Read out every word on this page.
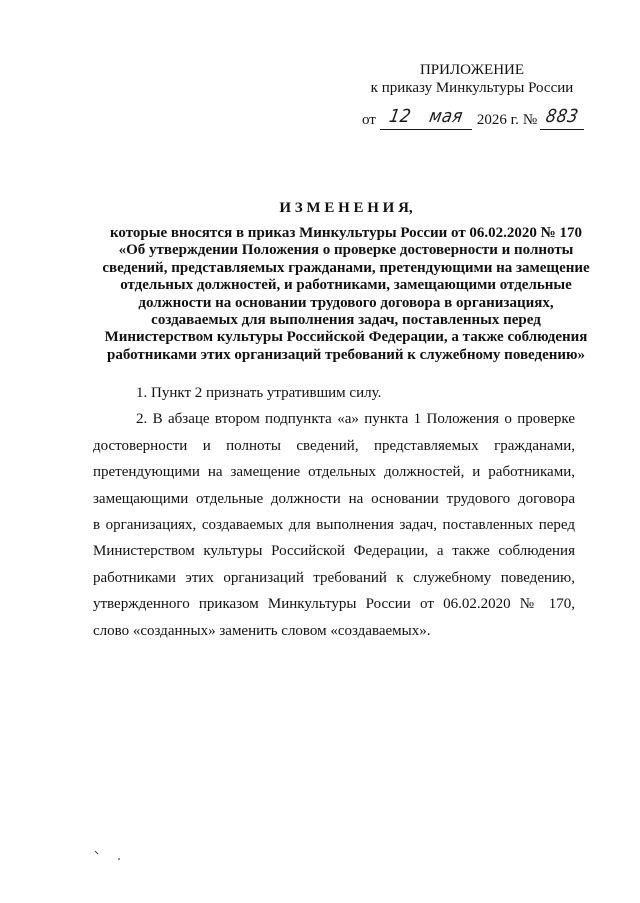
ПРИЛОЖЕНИЕ
к приказу Минкультуры России
от 12 мая 2026 г. № 883
И З М Е Н Е Н И Я,
которые вносятся в приказ Минкультуры России от 06.02.2020 № 170
«Об утверждении Положения о проверке достоверности и полноты
сведений, представляемых гражданами, претендующими на замещение
отдельных должностей, и работниками, замещающими отдельные
должности на основании трудового договора в организациях,
создаваемых для выполнения задач, поставленных перед
Министерством культуры Российской Федерации, а также соблюдения
работниками этих организаций требований к служебному поведению»
1. Пункт 2 признать утратившим силу.
2. В абзаце втором подпункта «а» пункта 1 Положения о проверке
достоверности и полноты сведений, представляемых гражданами,
претендующими на замещение отдельных должностей, и работниками,
замещающими отдельные должности на основании трудового договора
в организациях, создаваемых для выполнения задач, поставленных перед
Министерством культуры Российской Федерации, а также соблюдения
работниками этих организаций требований к служебному поведению,
утвержденного приказом Минкультуры России от 06.02.2020 № 170,
слово «созданных» заменить словом «создаваемых».
